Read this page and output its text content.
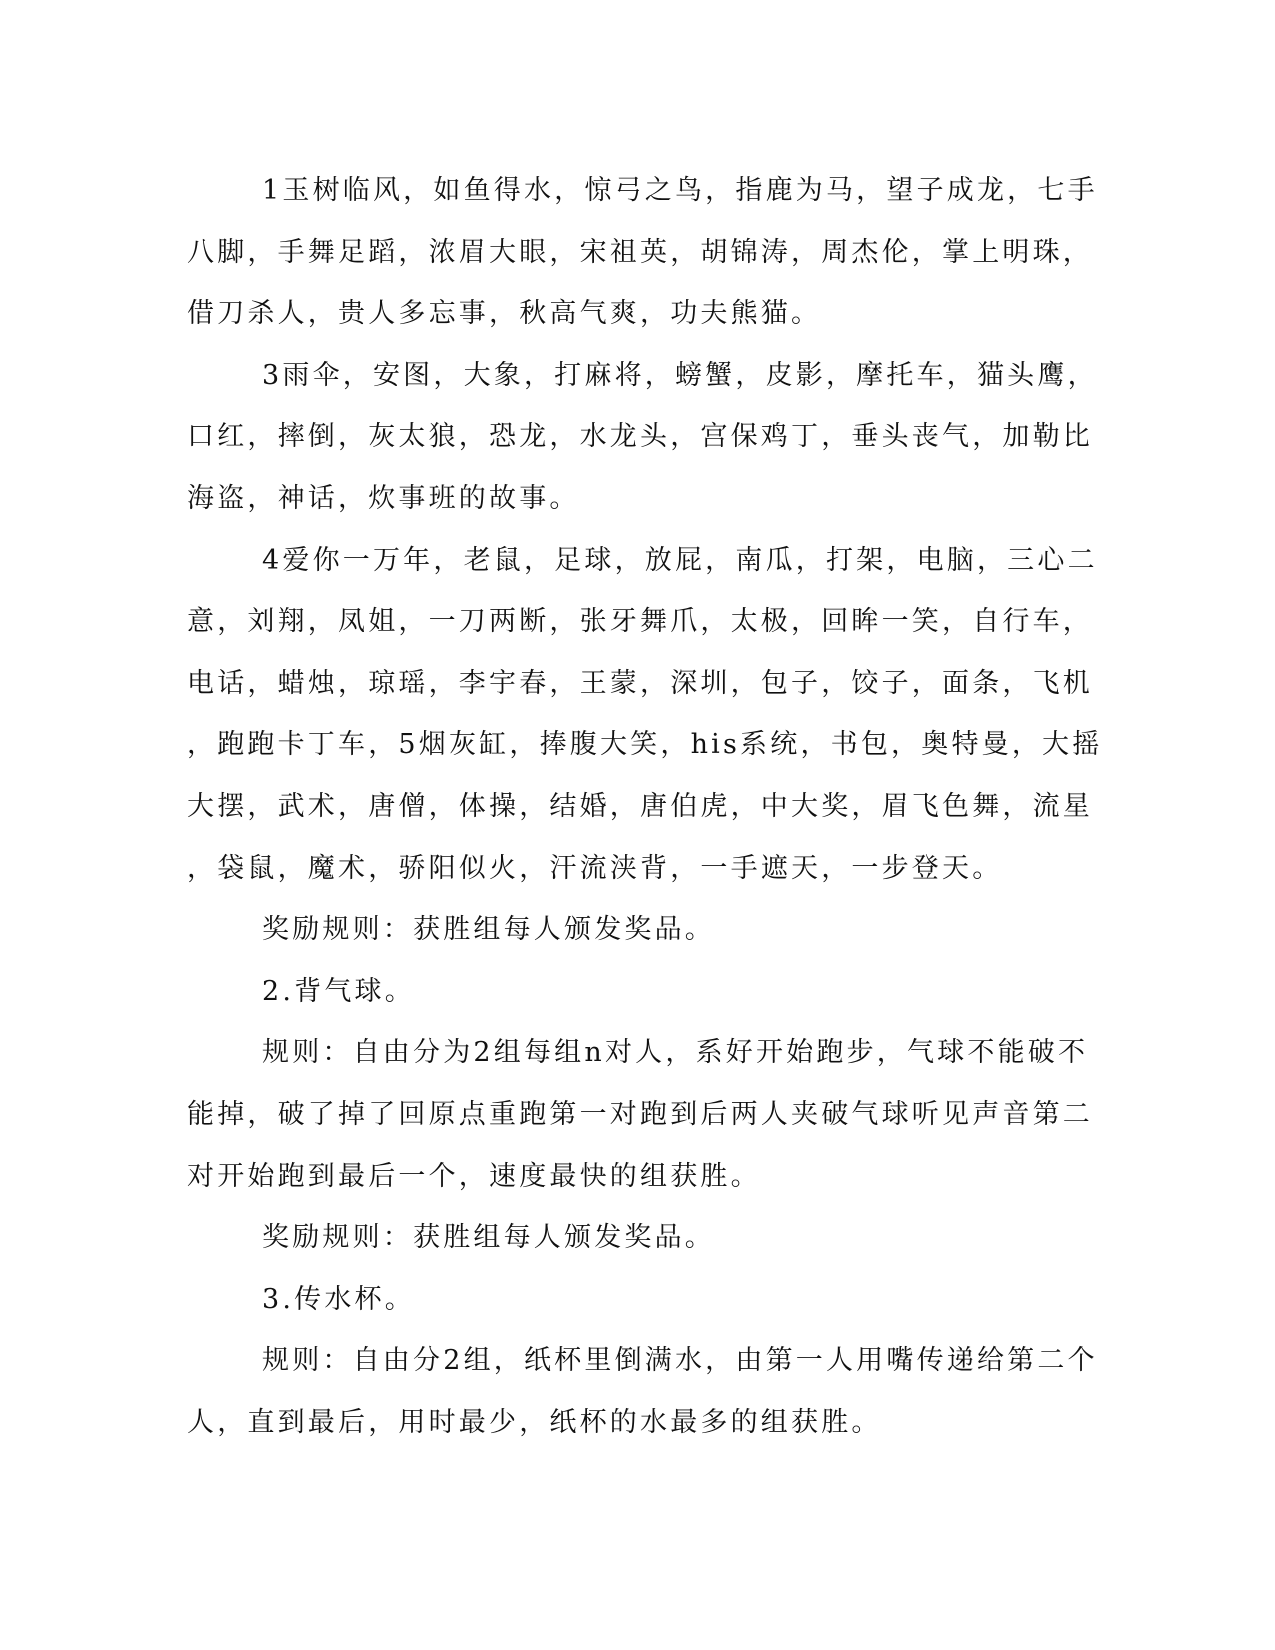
1玉树临风，如鱼得水，惊弓之鸟，指鹿为马，望子成龙，七手
八脚，手舞足蹈，浓眉大眼，宋祖英，胡锦涛，周杰伦，掌上明珠，
借刀杀人，贵人多忘事，秋高气爽，功夫熊猫。
3雨伞，安图，大象，打麻将，螃蟹，皮影，摩托车，猫头鹰，
口红，摔倒，灰太狼，恐龙，水龙头，宫保鸡丁，垂头丧气，加勒比
海盗，神话，炊事班的故事。
4爱你一万年，老鼠，足球，放屁，南瓜，打架，电脑，三心二
意，刘翔，凤姐，一刀两断，张牙舞爪，太极，回眸一笑，自行车，
电话，蜡烛，琼瑶，李宇春，王蒙，深圳，包子，饺子，面条，飞机
，跑跑卡丁车，5烟灰缸，捧腹大笑，his系统，书包，奥特曼，大摇
大摆，武术，唐僧，体操，结婚，唐伯虎，中大奖，眉飞色舞，流星
，袋鼠，魔术，骄阳似火，汗流浃背，一手遮天，一步登天。
奖励规则：获胜组每人颁发奖品。
2.背气球。
规则：自由分为2组每组n对人，系好开始跑步，气球不能破不
能掉，破了掉了回原点重跑第一对跑到后两人夹破气球听见声音第二
对开始跑到最后一个，速度最快的组获胜。
奖励规则：获胜组每人颁发奖品。
3.传水杯。
规则：自由分2组，纸杯里倒满水，由第一人用嘴传递给第二个
人，直到最后，用时最少，纸杯的水最多的组获胜。
